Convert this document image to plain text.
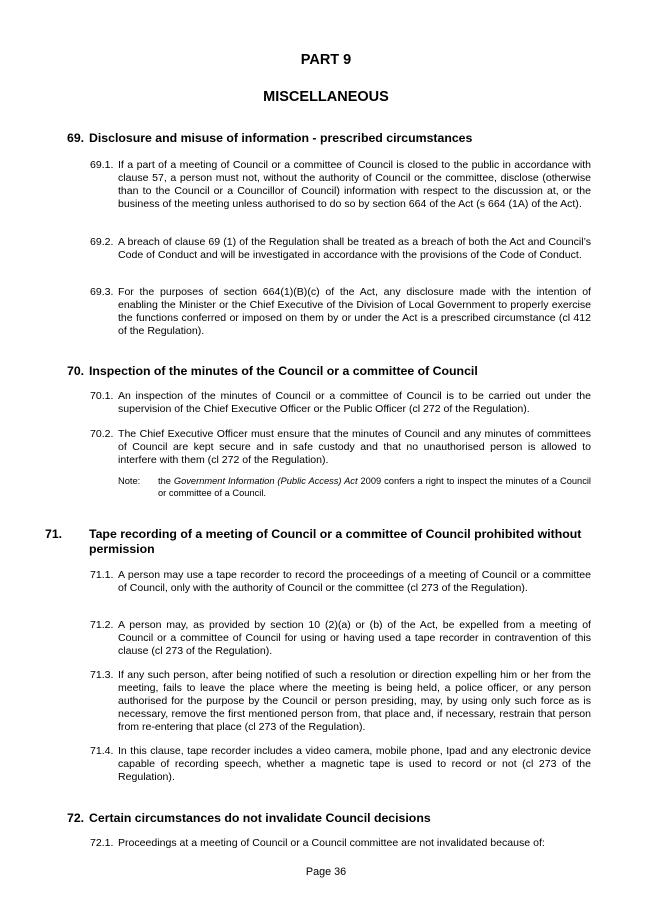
PART 9
MISCELLANEOUS
69. Disclosure and misuse of information - prescribed circumstances
69.1. If a part of a meeting of Council or a committee of Council is closed to the public in accordance with clause 57, a person must not, without the authority of Council or the committee, disclose (otherwise than to the Council or a Councillor of Council) information with respect to the discussion at, or the business of the meeting unless authorised to do so by section 664 of the Act (s 664 (1A) of the Act).
69.2. A breach of clause 69 (1) of the Regulation shall be treated as a breach of both the Act and Council’s Code of Conduct and will be investigated in accordance with the provisions of the Code of Conduct.
69.3. For the purposes of section 664(1)(B)(c) of the Act, any disclosure made with the intention of enabling the Minister or the Chief Executive of the Division of Local Government to properly exercise the functions conferred or imposed on them by or under the Act is a prescribed circumstance (cl 412 of the Regulation).
70. Inspection of the minutes of the Council or a committee of Council
70.1. An inspection of the minutes of Council or a committee of Council is to be carried out under the supervision of the Chief Executive Officer or the Public Officer (cl 272 of the Regulation).
70.2. The Chief Executive Officer must ensure that the minutes of Council and any minutes of committees of Council are kept secure and in safe custody and that no unauthorised person is allowed to interfere with them (cl 272 of the Regulation).
Note: the Government Information (Public Access) Act 2009 confers a right to inspect the minutes of a Council or committee of a Council.
71. Tape recording of a meeting of Council or a committee of Council prohibited without permission
71.1. A person may use a tape recorder to record the proceedings of a meeting of Council or a committee of Council, only with the authority of Council or the committee (cl 273 of the Regulation).
71.2. A person may, as provided by section 10 (2)(a) or (b) of the Act, be expelled from a meeting of Council or a committee of Council for using or having used a tape recorder in contravention of this clause (cl 273 of the Regulation).
71.3. If any such person, after being notified of such a resolution or direction expelling him or her from the meeting, fails to leave the place where the meeting is being held, a police officer, or any person authorised for the purpose by the Council or person presiding, may, by using only such force as is necessary, remove the first mentioned person from, that place and, if necessary, restrain that person from re-entering that place (cl 273 of the Regulation).
71.4. In this clause, tape recorder includes a video camera, mobile phone, Ipad and any electronic device capable of recording speech, whether a magnetic tape is used to record or not (cl 273 of the Regulation).
72. Certain circumstances do not invalidate Council decisions
72.1. Proceedings at a meeting of Council or a Council committee are not invalidated because of:
Page 36
